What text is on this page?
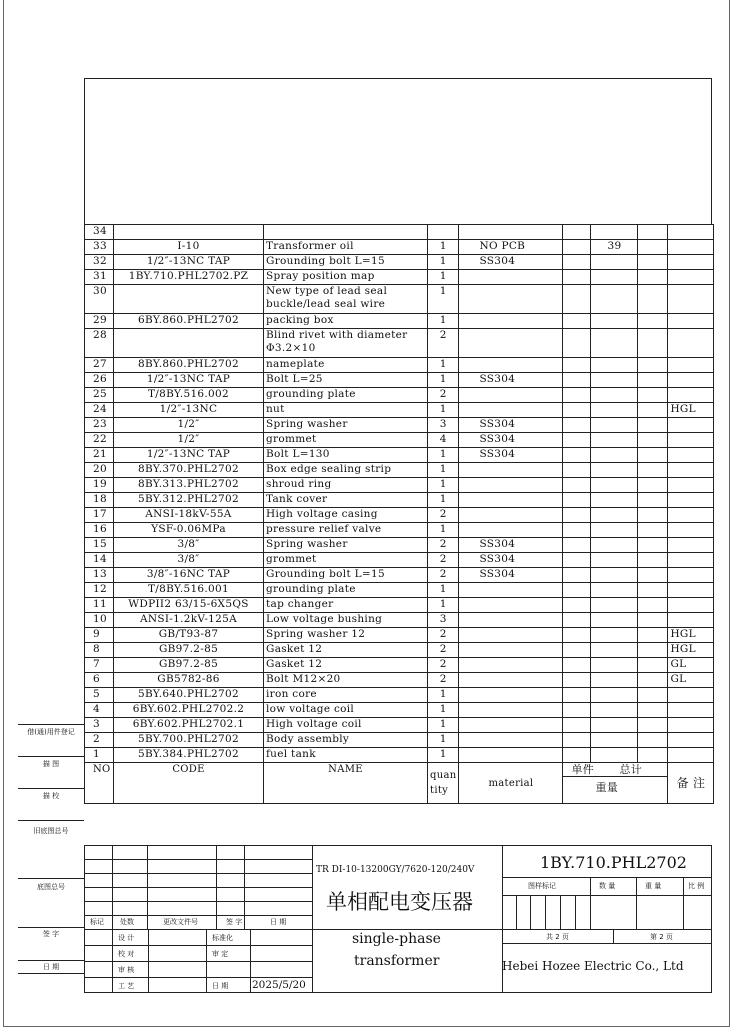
34								
33	I-10	Transformer oil	1	NO PCB		39		
32	1/2″-13NC TAP	Grounding bolt L=15	1	SS304				
31	1BY.710.PHL2702.PZ	Spray position map	1					
30		New type of lead seal buckle/lead seal wire	1					
29	6BY.860.PHL2702	packing box	1					
28		Blind rivet with diameter Φ3.2×10	2					
27	8BY.860.PHL2702	nameplate	1					
26	1/2″-13NC TAP	Bolt L=25	1	SS304				
25	T/8BY.516.002	grounding plate	2					
24	1/2″-13NC	nut	1					HGL
23	1/2″	Spring washer	3	SS304				
22	1/2″	grommet	4	SS304				
21	1/2″-13NC TAP	Bolt L=130	1	SS304				
20	8BY.370.PHL2702	Box edge sealing strip	1					
19	8BY.313.PHL2702	shroud ring	1					
18	5BY.312.PHL2702	Tank cover	1					
17	ANSI-18kV-55A	High voltage casing	2					
16	YSF-0.06MPa	pressure relief valve	1					
15	3/8″	Spring washer	2	SS304				
14	3/8″	grommet	2	SS304				
13	3/8″-16NC TAP	Grounding bolt L=15	2	SS304				
12	T/8BY.516.001	grounding plate	1					
11	WDPII2 63/15-6X5QS	tap changer	1					
10	ANSI-1.2kV-125A	Low voltage bushing	3					
9	GB/T93-87	Spring washer 12	2					HGL
8	GB97.2-85	Gasket 12	2					HGL
7	GB97.2-85	Gasket 12	2					GL
6	GB5782-86	Bolt M12×20	2					GL
5	5BY.640.PHL2702	iron core	1					
4	6BY.602.PHL2702.2	low voltage coil	1					
3	6BY.602.PHL2702.1	High voltage coil	1					
2	5BY.700.PHL2702	Body assembly	1					
1	5BY.384.PHL2702	fuel tank	1					
NO	CODE	NAME	quan tity	material	单件 总计
重量			备 注
借(通)用件登记
描 图
描 校
旧底图总号
底图总号
签 字
日 期
标记 处数	更改文件号	签 字	日 期
设 计
校 对
审 核
工 艺
标准化
审 定
日 期 2025/5/20
TR DI-10-13200GY/7620-120/240V
单相配电变压器
single-phase
transformer
1BY.710.PHL2702
图样标记	数 量	重 量	比 例
共 2 页	第 2 页
Hebei Hozee Electric Co., Ltd
